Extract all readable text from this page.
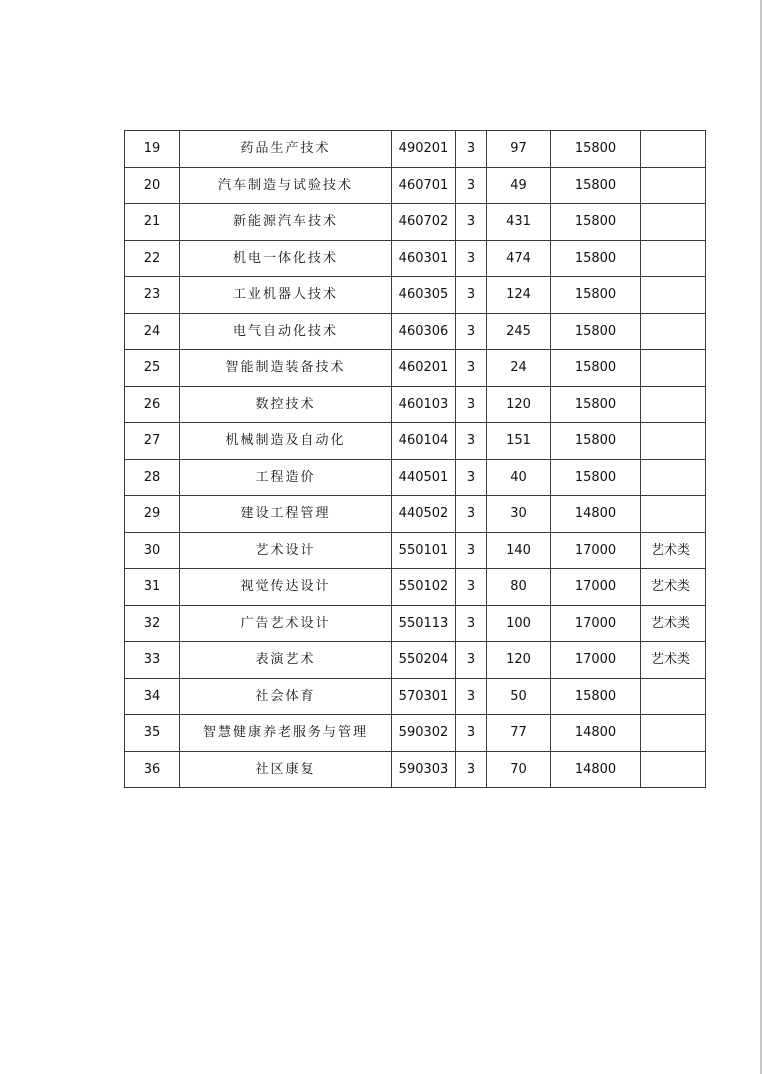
19	药品生产技术	490201	3	97	15800	
20	汽车制造与试验技术	460701	3	49	15800	
21	新能源汽车技术	460702	3	431	15800	
22	机电一体化技术	460301	3	474	15800	
23	工业机器人技术	460305	3	124	15800	
24	电气自动化技术	460306	3	245	15800	
25	智能制造装备技术	460201	3	24	15800	
26	数控技术	460103	3	120	15800	
27	机械制造及自动化	460104	3	151	15800	
28	工程造价	440501	3	40	15800	
29	建设工程管理	440502	3	30	14800	
30	艺术设计	550101	3	140	17000	艺术类
31	视觉传达设计	550102	3	80	17000	艺术类
32	广告艺术设计	550113	3	100	17000	艺术类
33	表演艺术	550204	3	120	17000	艺术类
34	社会体育	570301	3	50	15800	
35	智慧健康养老服务与管理	590302	3	77	14800	
36	社区康复	590303	3	70	14800	
